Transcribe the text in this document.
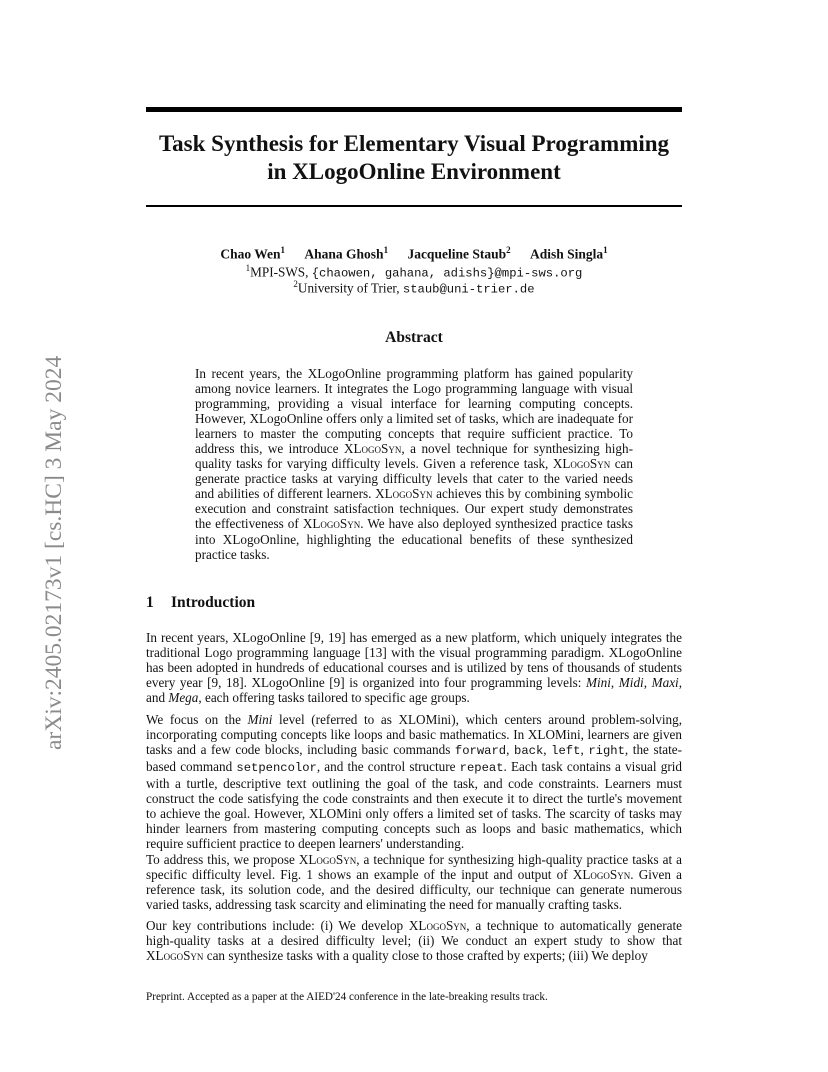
arXiv:2405.02173v1 [cs.HC] 3 May 2024
Task Synthesis for Elementary Visual Programming
in XLogoOnline Environment
Chao Wen$^1$ Ahana Ghosh$^1$ Jacqueline Staub$^2$ Adish Singla$^1$
$^1$MPI-SWS, {chaowen, gahana, adishs}@mpi-sws.org
$^2$University of Trier, staub@uni-trier.de
Abstract
In recent years, the XLogoOnline programming platform has gained popularity among novice learners. It integrates the Logo programming language with visual programming, providing a visual interface for learning computing concepts. However, XLogoOnline offers only a limited set of tasks, which are inadequate for learners to master the computing concepts that require sufficient practice. To address this, we introduce XLogoSyn, a novel technique for synthesizing high-quality tasks for varying difficulty levels. Given a reference task, XLogoSyn can generate practice tasks at varying difficulty levels that cater to the varied needs and abilities of different learners. XLogoSyn achieves this by combining symbolic execution and constraint satisfaction techniques. Our expert study demonstrates the effectiveness of XLogoSyn. We have also deployed synthesized practice tasks into XLogoOnline, highlighting the educational benefits of these synthesized practice tasks.
1 Introduction

In recent years, XLogoOnline [9, 19] has emerged as a new platform, which uniquely integrates the traditional Logo programming language [13] with the visual programming paradigm. XLogoOnline has been adopted in hundreds of educational courses and is utilized by tens of thousands of students every year [9, 18]. XLogoOnline [9] is organized into four programming levels: Mini, Midi, Maxi, and Mega, each offering tasks tailored to specific age groups.

We focus on the Mini level (referred to as XLOMini), which centers around problem-solving, incorporating computing concepts like loops and basic mathematics. In XLOMini, learners are given tasks and a few code blocks, including basic commands forward, back, left, right, the state-based command setpencolor, and the control structure repeat. Each task contains a visual grid with a turtle, descriptive text outlining the goal of the task, and code constraints. Learners must construct the code satisfying the code constraints and then execute it to direct the turtle's movement to achieve the goal. However, XLOMini only offers a limited set of tasks. The scarcity of tasks may hinder learners from mastering computing concepts such as loops and basic mathematics, which require sufficient practice to deepen learners' understanding.

To address this, we propose XLogoSyn, a technique for synthesizing high-quality practice tasks at a specific difficulty level. Fig. 1 shows an example of the input and output of XLogoSyn. Given a reference task, its solution code, and the desired difficulty, our technique can generate numerous varied tasks, addressing task scarcity and eliminating the need for manually crafting tasks.

Our key contributions include: (i) We develop XLogoSyn, a technique to automatically generate high-quality tasks at a desired difficulty level; (ii) We conduct an expert study to show that XLogoSyn can synthesize tasks with a quality close to those crafted by experts; (iii) We deploy

Preprint. Accepted as a paper at the AIED'24 conference in the late-breaking results track.
